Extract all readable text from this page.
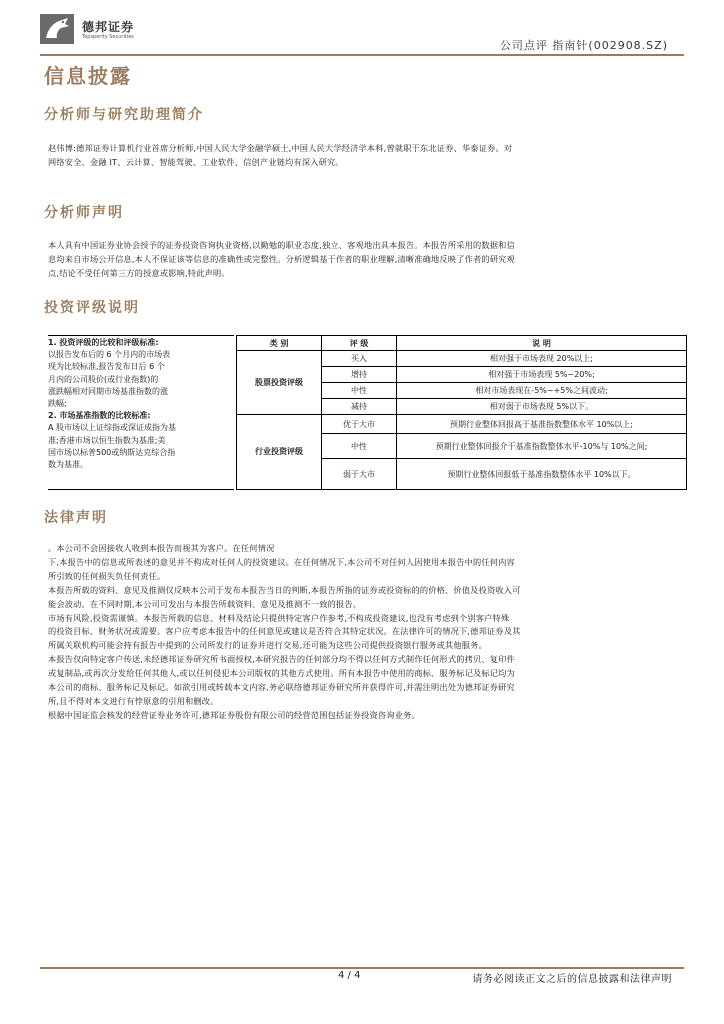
德邦证券
Topsperity Securities
公司点评 指南针(002908.SZ)
信息披露
分析师与研究助理简介

赵伟博:德邦证券计算机行业首席分析师,中国人民大学金融学硕士,中国人民大学经济学本科,曾就职于东北证券、华泰证券。对

网络安全、金融 IT、云计算、智能驾驶、工业软件、信创产业链均有深入研究。

分析师声明

本人具有中国证券业协会授予的证券投资咨询执业资格,以勤勉的职业态度,独立、客观地出具本报告。本报告所采用的数据和信

息均来自市场公开信息,本人不保证该等信息的准确性或完整性。分析逻辑基于作者的职业理解,清晰准确地反映了作者的研究观

点,结论不受任何第三方的授意或影响,特此声明。

投资评级说明

1. 投资评级的比较和评级标准:

以报告发布后的 6 个月内的市场表

现为比较标准,报告发布日后 6 个

月内的公司股价(或行业指数)的

涨跌幅相对同期市场基准指数的涨

跌幅;

2. 市场基准指数的比较标准:

A 股市场以上证综指或深证成指为基

准;香港市场以恒生指数为基准;美

国市场以标普500或纳斯达克综合指

数为基准。

类 别	评 级	说 明
股票投资评级	买入	相对强于市场表现 20%以上;
	增持	相对强于市场表现 5%~20%;
	中性	相对市场表现在-5%~+5%之间波动;
	减持	相对弱于市场表现 5%以下。
行业投资评级	优于大市	预期行业整体回报高于基准指数整体水平 10%以上;
	中性	预期行业整体回报介于基准指数整体水平-10%与 10%之间;
	弱于大市	预期行业整体回报低于基准指数整体水平 10%以下。
法律声明

。本公司不会因接收人收到本报告而视其为客户。在任何情况

下,本报告中的信息或所表述的意见并不构成对任何人的投资建议。在任何情况下,本公司不对任何人因使用本报告中的任何内容

所引致的任何损失负任何责任。

本报告所载的资料、意见及推测仅反映本公司于发布本报告当日的判断,本报告所指的证券或投资标的的价格、价值及投资收入可

能会波动。在不同时期,本公司可发出与本报告所载资料、意见及推测不一致的报告。

市场有风险,投资需谨慎。本报告所载的信息、材料及结论只提供特定客户作参考,不构成投资建议,也没有考虑到个别客户特殊

的投资目标、财务状况或需要。客户应考虑本报告中的任何意见或建议是否符合其特定状况。在法律许可的情况下,德邦证券及其

所属关联机构可能会持有报告中提到的公司所发行的证券并进行交易,还可能为这些公司提供投资银行服务或其他服务。

本报告仅向特定客户传送,未经德邦证券研究所书面授权,本研究报告的任何部分均不得以任何方式制作任何形式的拷贝、复印件

或复制品,或再次分发给任何其他人,或以任何侵犯本公司版权的其他方式使用。所有本报告中使用的商标、服务标记及标记均为

本公司的商标、服务标记及标记。如欲引用或转载本文内容,务必联络德邦证券研究所并获得许可,并需注明出处为德邦证券研究

所,且不得对本文进行有悖原意的引用和删改。

根据中国证监会核发的经营证券业务许可,德邦证券股份有限公司的经营范围包括证券投资咨询业务。

4 / 4	请务必阅读正文之后的信息披露和法律声明
